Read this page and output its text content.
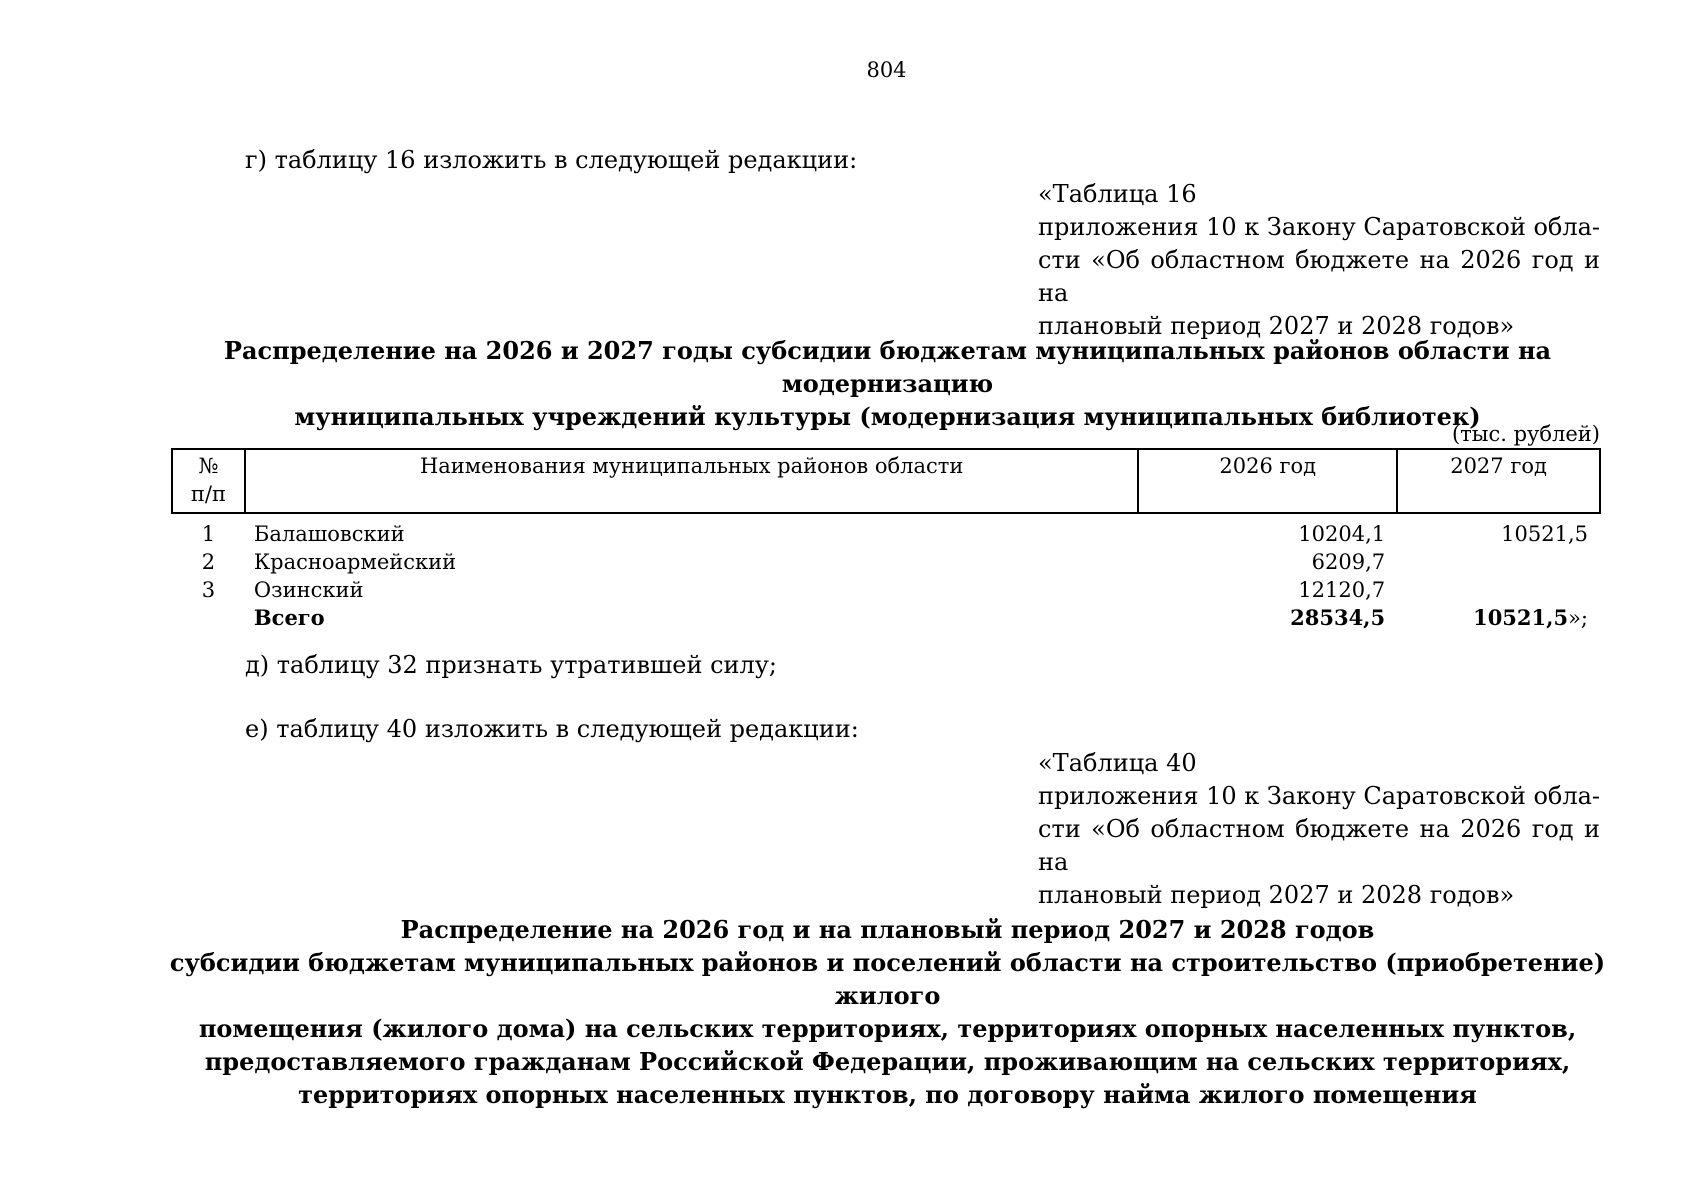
804
г) таблицу 16 изложить в следующей редакции:
«Таблица 16
приложения 10 к Закону Саратовской обла-
сти «Об областном бюджете на 2026 год и на
плановый период 2027 и 2028 годов»
Распределение на 2026 и 2027 годы субсидии бюджетам муниципальных районов области на модернизацию
муниципальных учреждений культуры (модернизация муниципальных библиотек)
(тыс. рублей)
№
п/п	Наименования муниципальных районов области	2026 год	2027 год
1	Балашовский	10204,1	10521,5
2	Красноармейский	6209,7	
3	Озинский	12120,7	
	Всего	28534,5	10521,5»;
д) таблицу 32 признать утратившей силу;
е) таблицу 40 изложить в следующей редакции:
«Таблица 40
приложения 10 к Закону Саратовской обла-
сти «Об областном бюджете на 2026 год и на
плановый период 2027 и 2028 годов»
Распределение на 2026 год и на плановый период 2027 и 2028 годов
субсидии бюджетам муниципальных районов и поселений области на строительство (приобретение) жилого
помещения (жилого дома) на сельских территориях, территориях опорных населенных пунктов,
предоставляемого гражданам Российской Федерации, проживающим на сельских территориях,
территориях опорных населенных пунктов, по договору найма жилого помещения
